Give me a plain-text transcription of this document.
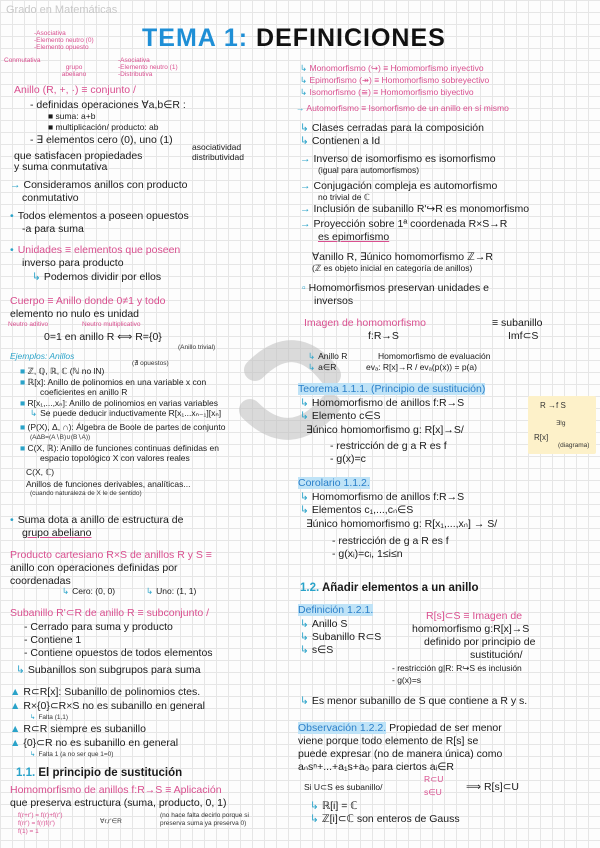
Grado en Matemáticas
TEMA 1: DEFINICIONES
-Asociativa
-Elemento neutro (0)
-Elemento opuesto
Conmutativa
grupo abeliano
-Asociativa
-Elemento neutro (1)
-Distributiva
Anillo (R, +, ·) ≡ conjunto /
- definidas operaciones ∀a,b∈R :
■ suma: a+b
■ multiplicación/ producto: ab
- ∃ elementos cero (0), uno (1)
que satisfacen propiedades
asociatividad
distributividad
y suma conmutativa
→ Consideramos anillos con producto
conmutativo
• Todos elementos a poseen opuestos
-a para suma
• Unidades ≡ elementos que poseen
inverso para producto
↳ Podemos dividir por ellos
Cuerpo ≡ Anillo donde 0≠1 y todo
elemento no nulo es unidad
Neutro aditivo	Neutro multiplicativo
0=1 en anillo R ⟺ R={0}
(Anillo trivial)
Ejemplos: Anillos
(∄ opuestos)
■ ℤ, ℚ, ℝ, ℂ (ℕ no lN)
■ ℝ[x]: Anillo de polinomios en una variable x con
coeficientes en anillo R
■ R[x₁,...,xₙ]: Anillo de polinomios en varias variables
↳ Se puede deducir inductivamente R[x₁...xₙ₋₁][xₙ]
■ (P(X), Δ, ∩): Álgebra de Boole de partes de conjunto
(AΔB=(A∖B)∪(B∖A))
■ C(X, ℝ): Anillo de funciones continuas definidas en
espacio topológico X con valores reales
C(X, ℂ)
Anillos de funciones derivables, analíticas...
(cuando naturaleza de X le de sentido)
• Suma dota a anillo de estructura de
grupo abeliano
Producto cartesiano R×S de anillos R y S ≡
anillo con operaciones definidas por
coordenadas
↳ Cero: (0, 0)
↳	Uno: (1, 1)
Subanillo R'⊂R de anillo R ≡ subconjunto /
- Cerrado para suma y producto
- Contiene 1
- Contiene opuestos de todos elementos
↳ Subanillos son subgrupos para suma
▲ R⊂R[x]: Subanillo de polinomios ctes.
▲ R×{0}⊂R×S no es subanillo en general
↳ Falta (1,1)
▲ R⊂R siempre es subanillo
▲ {0}⊂R no es subanillo en general
↳ Falta 1 (a no ser que 1=0)
1.1. El principio de sustitución
Homomorfismo de anillos f:R→S ≡ Aplicación
que preserva estructura (suma, producto, 0, 1)
f(r+r') = f(r)+f(r')
f(rr') = f(r)f(r')
f(1) = 1
∀r,r'∈R
(no hace falta decirlo porque si
preserva suma ya preserva 0)
↳ Monomorfismo (↪) ≡ Homomorfismo inyectivo
↳ Epimorfismo (↠) ≡ Homomorfismo sobreyectivo
↳ Isomorfismo (≅) ≡ Homomorfismo biyectivo
→ Automorfismo ≡ Isomorfismo de un anillo en sí mismo
↳ Clases cerradas para la composición
↳ Contienen a Id
→ Inverso de isomorfismo es isomorfismo
(igual para automorfismos)
→ Conjugación compleja es automorfismo
no trivial de ℂ
→ Inclusión de subanillo R'↪R es monomorfismo
→ Proyección sobre 1ª coordenada R×S→R
es epimorfismo
∀anillo R, ∃único homomorfismo ℤ→R
(ℤ es objeto inicial en categoría de anillos)
▫ Homomorfismos preservan unidades e
inversos
Imagen de homomorfismo
f:R→S
≡ subanillo
Imf⊂S
↳ Anillo R
↳ a∈R
Homomorfismo de evaluación
evₐ: R[x]→R / evₐ(p(x)) = p(a)
Teorema 1.1.1. (Principio de sustitución)
↳ Homomorfismo de anillos f:R→S
↳ Elemento c∈S
∃único homomorfismo g: R[x]→S/
- restricción de g a R es f
- g(x)=c
R →f S
∃!g
R[x]
(diagrama)
Corolario 1.1.2.
↳ Homomorfismo de anillos f:R→S
↳ Elementos c₁,...,cₙ∈S
∃único homomorfismo g: R[x₁,...,xₙ] → S/
- restricción de g a R es f
- g(xᵢ)=cᵢ, 1≤i≤n
1.2. Añadir elementos a un anillo
Definición 1.2.1.
↳ Anillo S
↳ Subanillo R⊂S
↳ s∈S
R[s]⊂S ≡ Imagen de
homomorfismo g:R[x]→S
definido por principio de
sustitución/
- restricción g|R: R↪S es inclusión
- g(x)=s
↳ Es menor subanillo de S que contiene a R y s.
Observación 1.2.2. Propiedad de ser menor
viene porque todo elemento de R[s] se
puede expresar (no de manera única) como
aₙsⁿ+...+a₁s+a₀ para ciertos aᵢ∈R
Si U⊂S es subanillo/
R⊂U
s∈U ⟹ R[s]⊂U
↳ ℝ[i] = ℂ
↳ ℤ[i]⊂ℂ son enteros de Gauss
